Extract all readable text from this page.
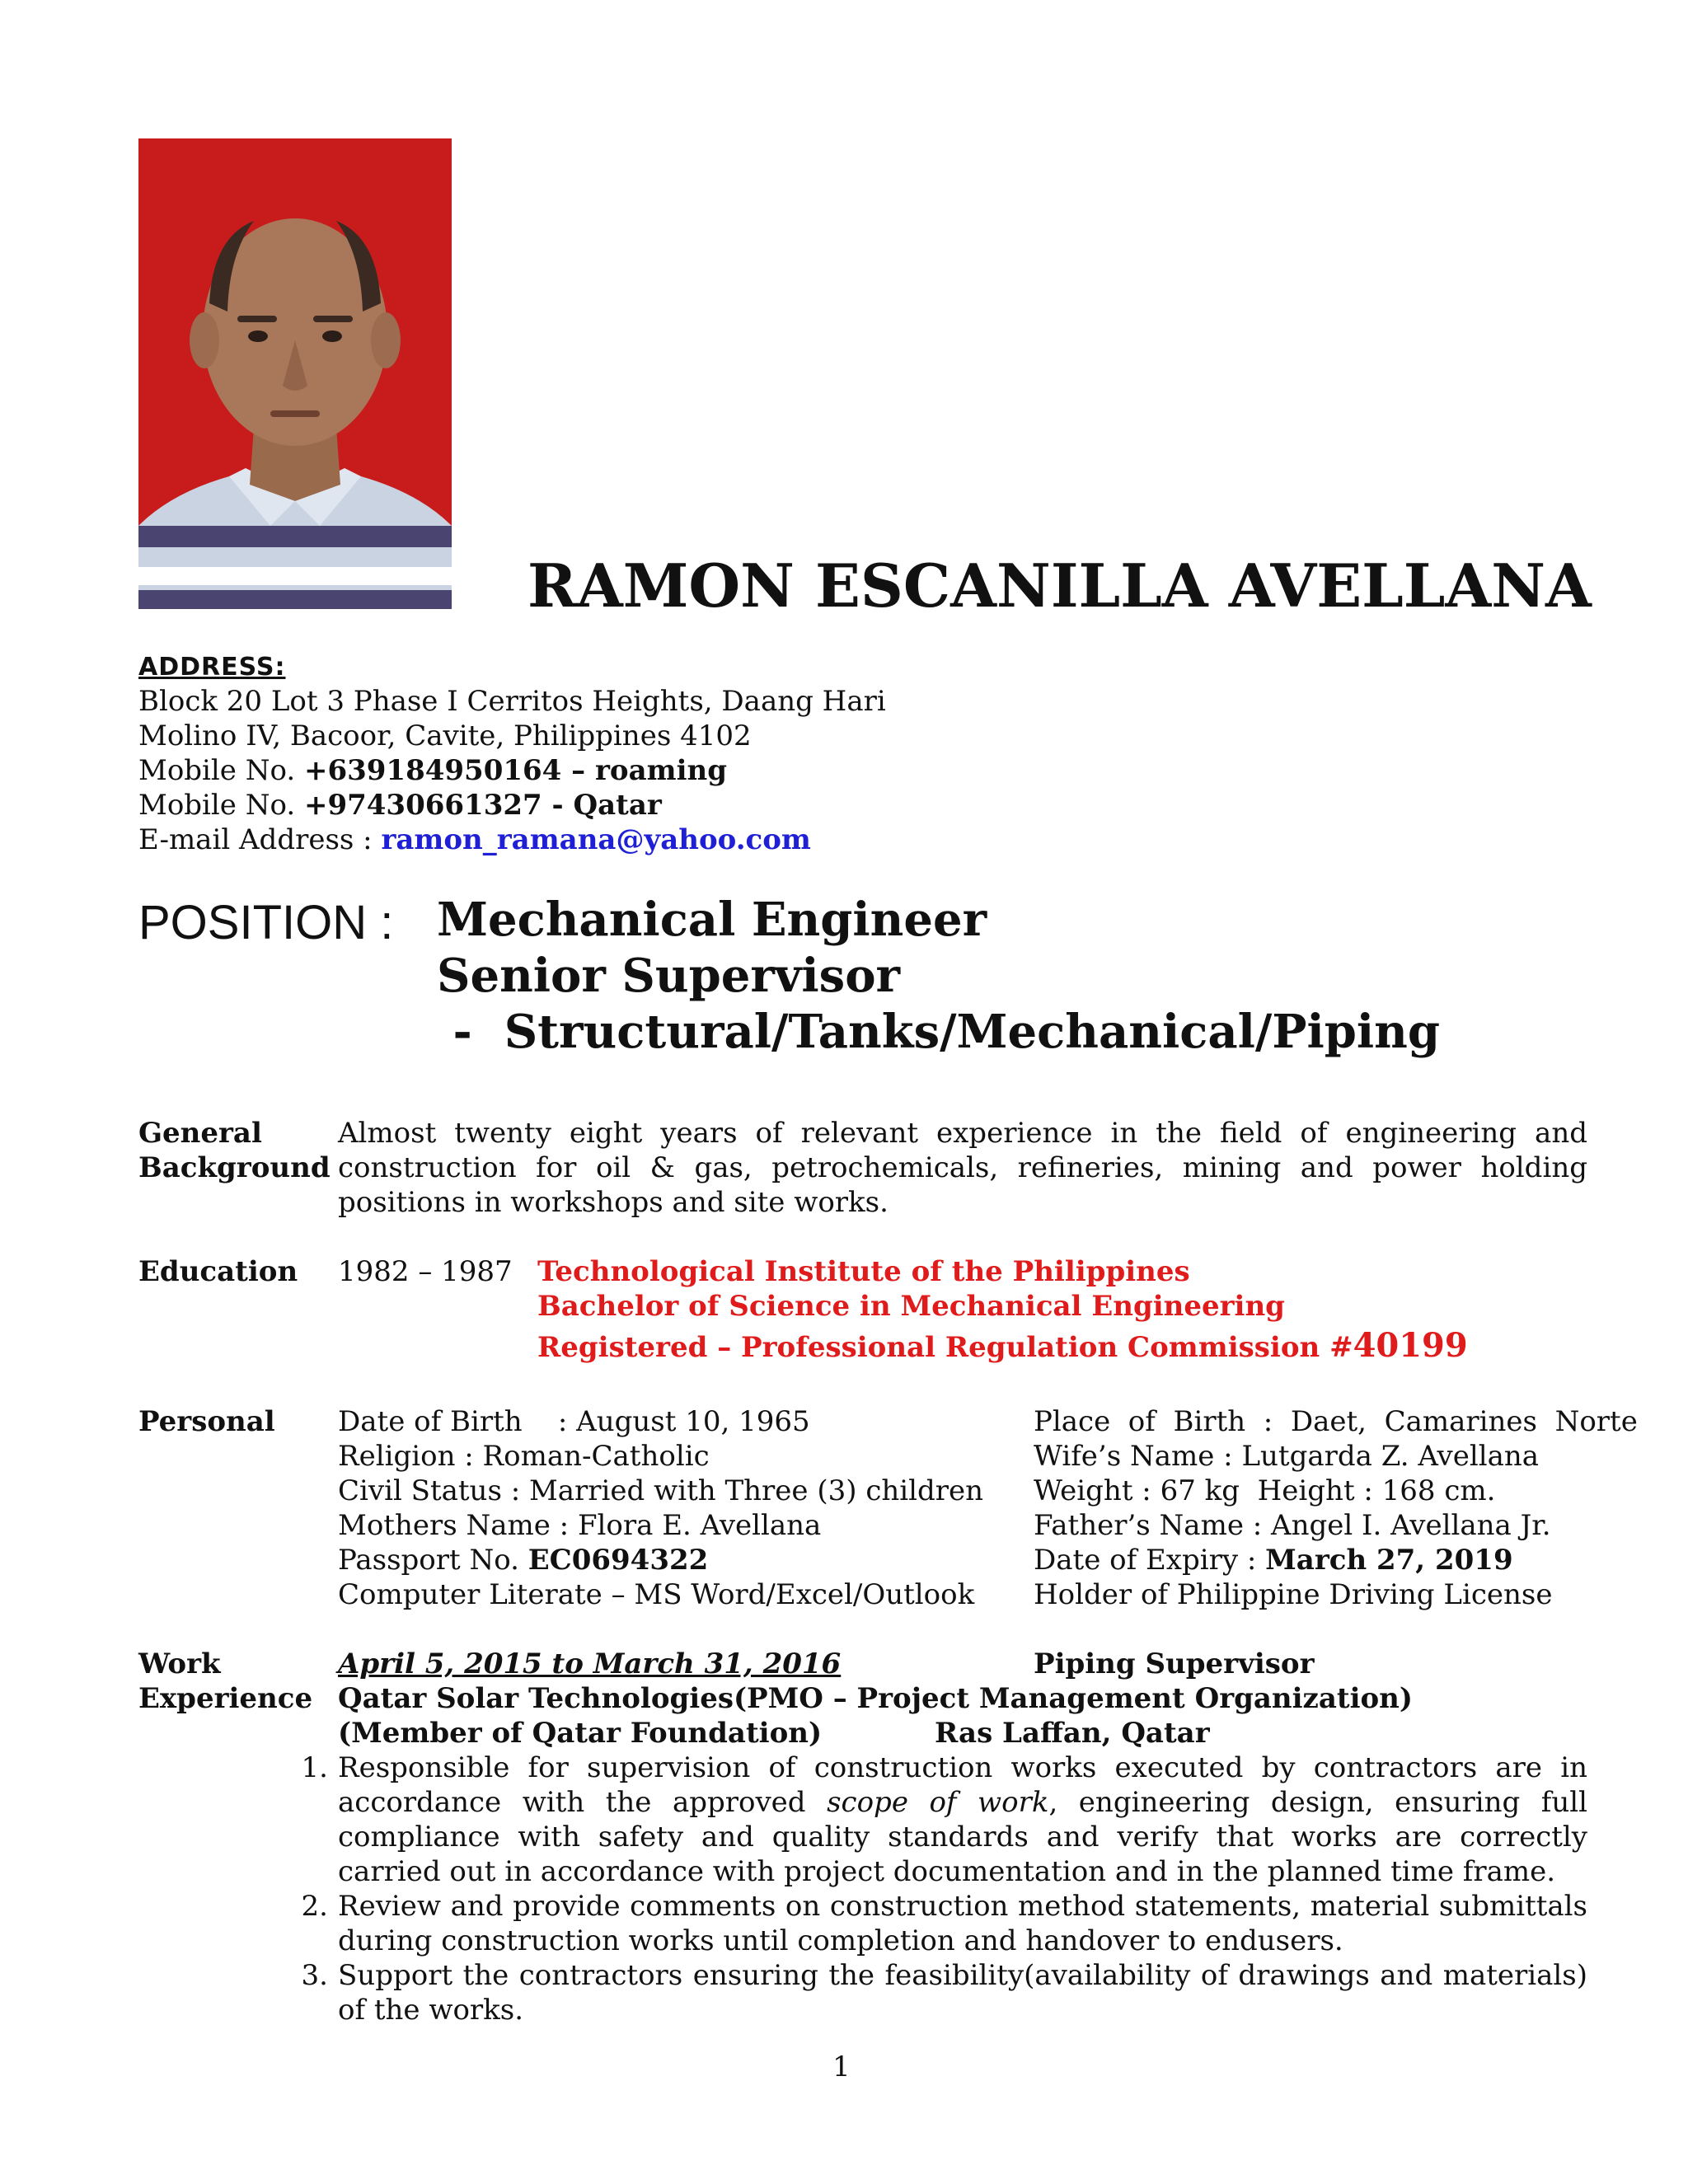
RAMON ESCANILLA AVELLANA
ADDRESS:
Block 20 Lot 3 Phase I Cerritos Heights, Daang Hari
Molino IV, Bacoor, Cavite, Philippines 4102
Mobile No. +639184950164 – roaming
Mobile No. +97430661327 - Qatar
E-mail Address : ramon_ramana@yahoo.com
POSITION : Mechanical Engineer
Senior Supervisor
-  Structural/Tanks/Mechanical/Piping
General
Background
Almost twenty eight years of relevant experience in the field of engineering and construction for oil & gas, petrochemicals, refineries, mining and power holding positions in workshops and site works.
Education 1982 – 1987 Technological Institute of the Philippines
Bachelor of Science in Mechanical Engineering
Registered – Professional Regulation Commission #40199
Personal Date of Birth    : August 10, 1965
Religion : Roman-Catholic
Civil Status : Married with Three (3) children
Mothers Name : Flora E. Avellana
Passport No. EC0694322
Computer Literate – MS Word/Excel/Outlook
Place  of  Birth  :  Daet,  Camarines  Norte
Wife’s Name : Lutgarda Z. Avellana
Weight : 67 kg  Height : 168 cm.
Father’s Name : Angel I. Avellana Jr.
Date of Expiry : March 27, 2019
Holder of Philippine Driving License
Work
Experience
April 5, 2015 to March 31, 2016	Piping Supervisor
Qatar Solar Technologies(PMO – Project Management Organization)
(Member of Qatar Foundation)	Ras Laffan, Qatar
1. Responsible for supervision of construction works executed by contractors are in accordance with the approved scope of work, engineering design, ensuring full compliance with safety and quality standards and verify that works are correctly carried out in accordance with project documentation and in the planned time frame.
2. Review and provide comments on construction method statements, material submittals during construction works until completion and handover to endusers.
3. Support the contractors ensuring the feasibility(availability of drawings and materials) of the works.
1
